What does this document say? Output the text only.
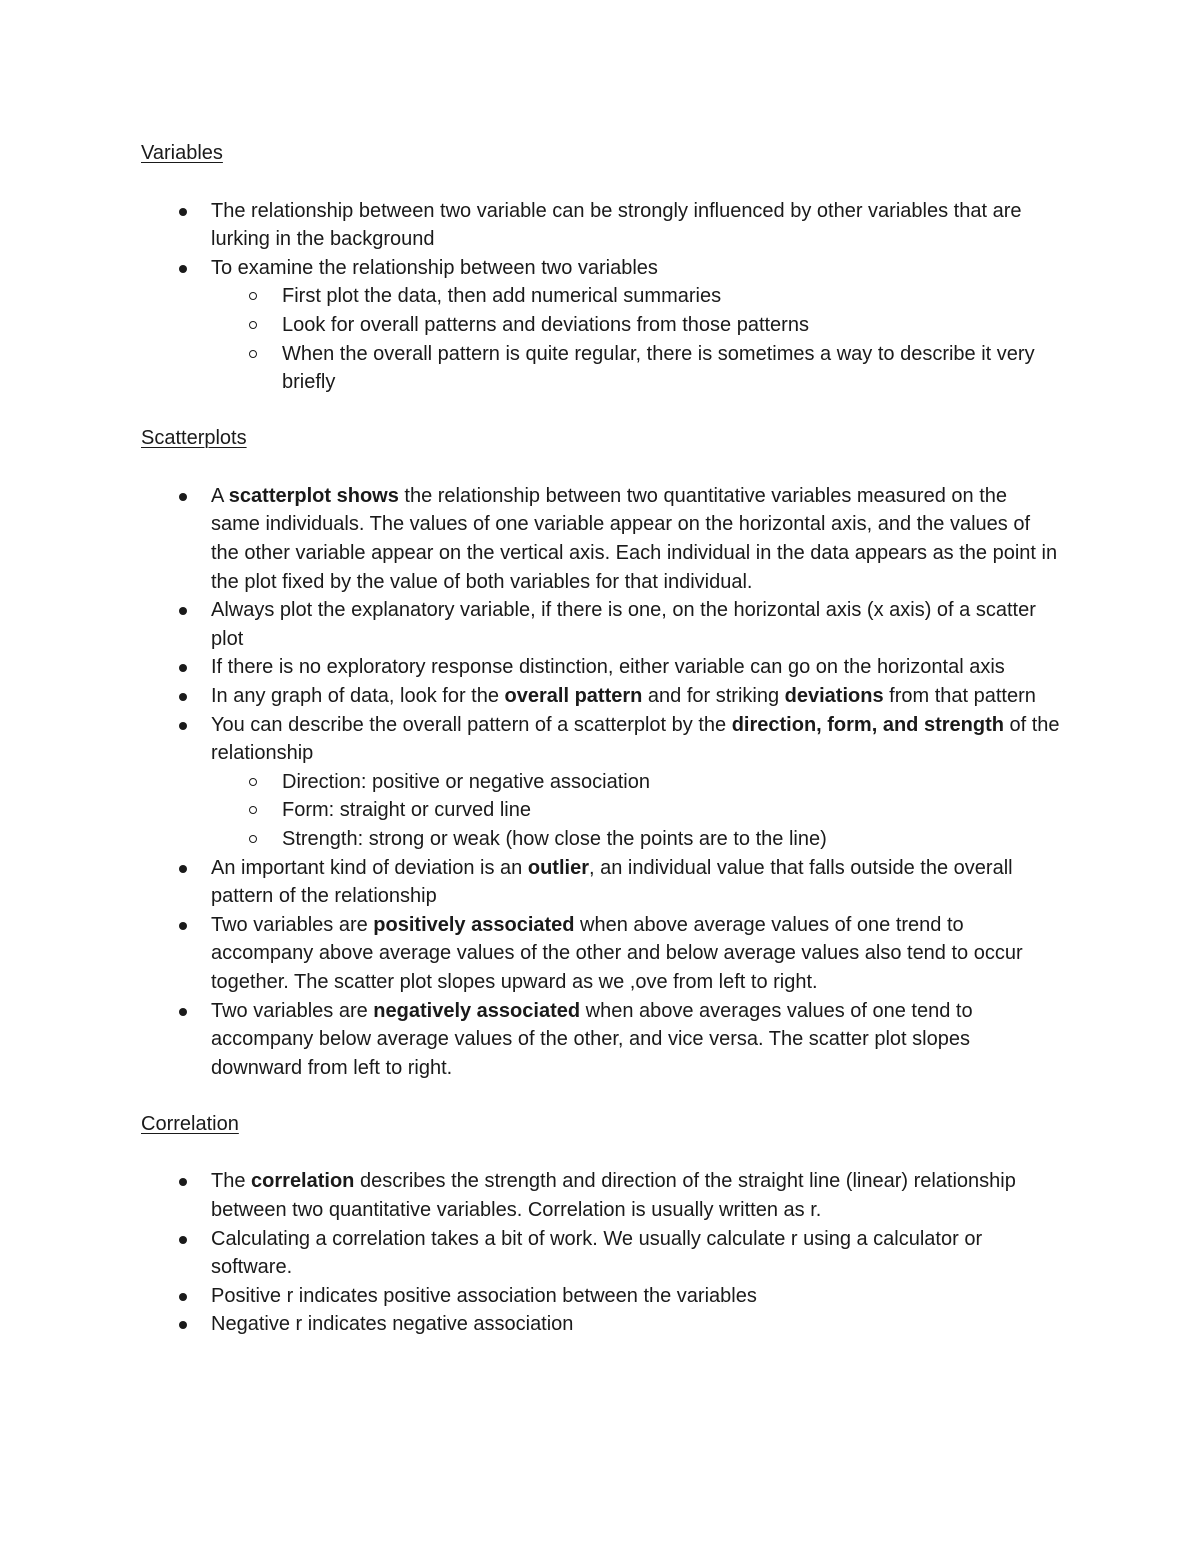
Variables

The relationship between two variable can be strongly influenced by other variables that are lurking in the background
To examine the relationship between two variables
First plot the data, then add numerical summaries
Look for overall patterns and deviations from those patterns
When the overall pattern is quite regular, there is sometimes a way to describe it very briefly

Scatterplots

A scatterplot shows the relationship between two quantitative variables measured on the same individuals. The values of one variable appear on the horizontal axis, and the values of the other variable appear on the vertical axis. Each individual in the data appears as the point in the plot fixed by the value of both variables for that individual.
Always plot the explanatory variable, if there is one, on the horizontal axis (x axis) of a scatter plot
If there is no exploratory response distinction, either variable can go on the horizontal axis
In any graph of data, look for the overall pattern and for striking deviations from that pattern
You can describe the overall pattern of a scatterplot by the direction, form, and strength of the relationship
Direction: positive or negative association
Form: straight or curved line
Strength: strong or weak (how close the points are to the line)
An important kind of deviation is an outlier, an individual value that falls outside the overall pattern of the relationship
Two variables are positively associated when above average values of one trend to accompany above average values of the other and below average values also tend to occur together. The scatter plot slopes upward as we ,ove from left to right.
Two variables are negatively associated when above averages values of one tend to accompany below average values of the other, and vice versa. The scatter plot slopes downward from left to right.

Correlation

The correlation describes the strength and direction of the straight line (linear) relationship between two quantitative variables. Correlation is usually written as r.
Calculating a correlation takes a bit of work. We usually calculate r using a calculator or software.
Positive r indicates positive association between the variables
Negative r indicates negative association
